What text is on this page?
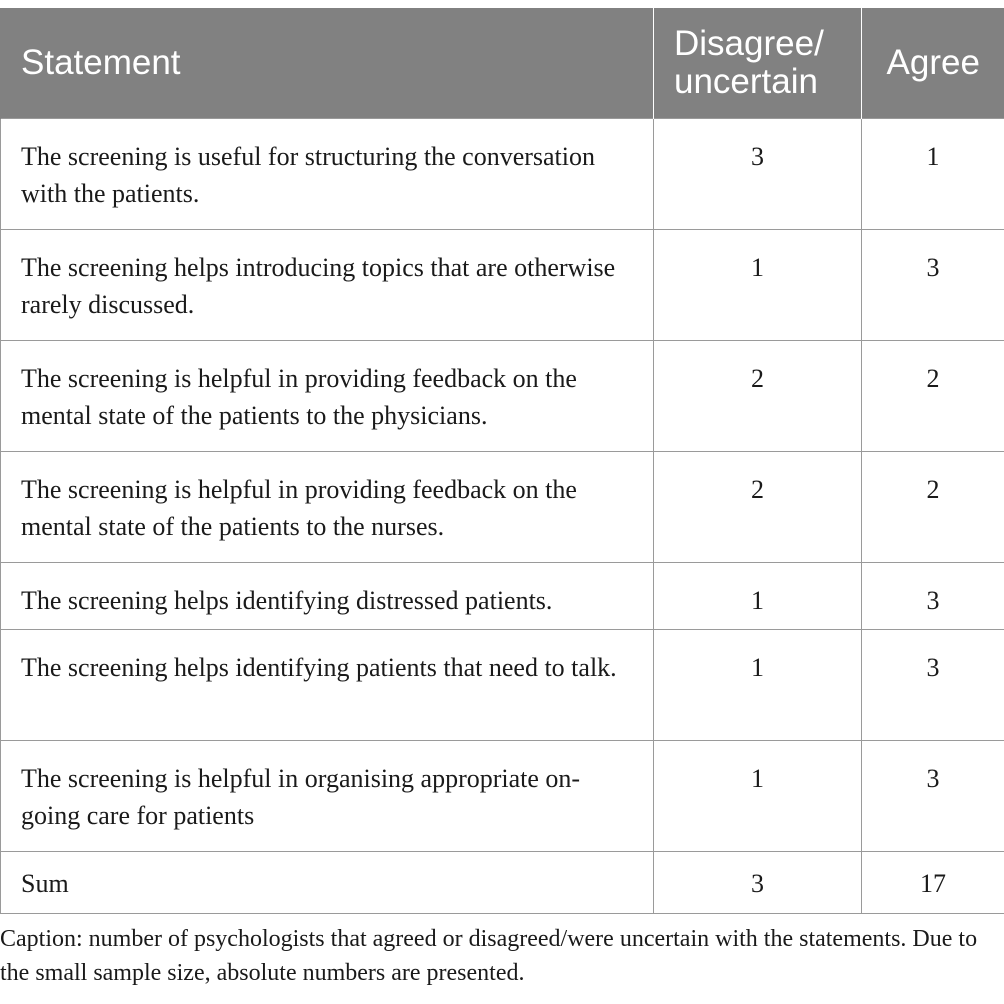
Statement	Disagree/ uncertain	Agree
The screening is useful for structuring the conversation with the patients.	3	1
The screening helps introducing topics that are otherwise rarely discussed.	1	3
The screening is helpful in providing feedback on the mental state of the patients to the physicians.	2	2
The screening is helpful in providing feedback on the mental state of the patients to the nurses.	2	2
The screening helps identifying distressed patients.	1	3
The screening helps identifying patients that need to talk.	1	3
The screening is helpful in organising appropriate on-going care for patients	1	3
Sum	3	17
Caption: number of psychologists that agreed or disagreed/were uncertain with the statements. Due to the small sample size, absolute numbers are presented.
